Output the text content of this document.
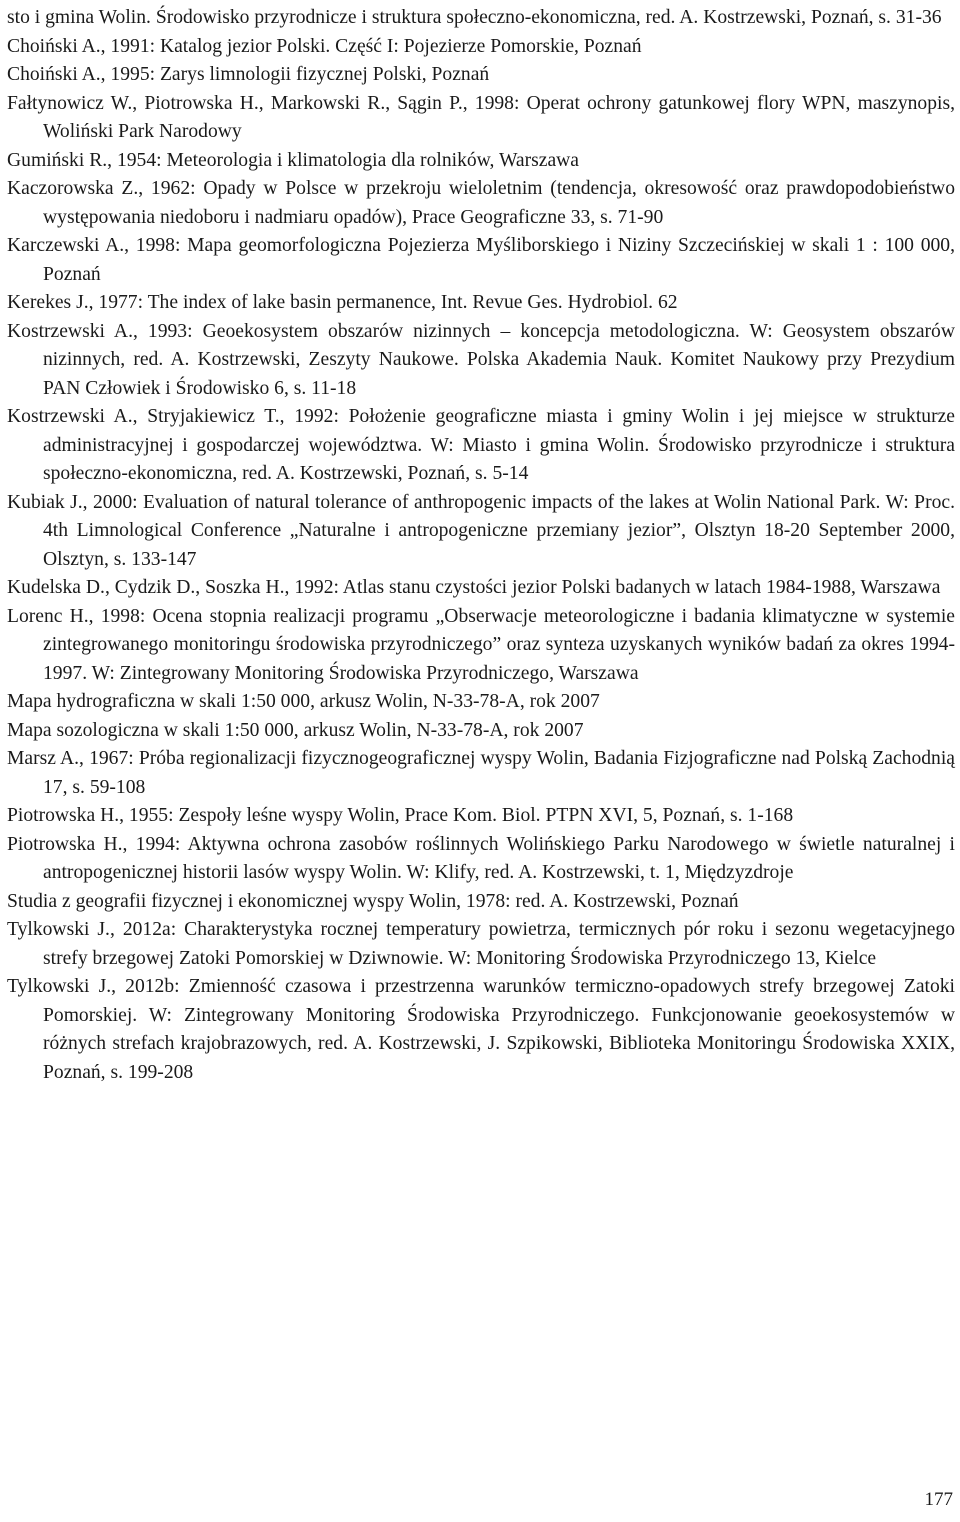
sto i gmina Wolin. Środowisko przyrodnicze i struktura społeczno-ekonomiczna, red. A. Kostrzewski, Poznań, s. 31-36
Choiński A., 1991: Katalog jezior Polski. Część I: Pojezierze Pomorskie, Poznań
Choiński A., 1995: Zarys limnologii fizycznej Polski, Poznań
Fałtynowicz W., Piotrowska H., Markowski R., Sągin P., 1998: Operat ochrony gatunkowej flory WPN, maszynopis, Woliński Park Narodowy
Gumiński R., 1954: Meteorologia i klimatologia dla rolników, Warszawa
Kaczorowska Z., 1962: Opady w Polsce w przekroju wieloletnim (tendencja, okresowość oraz prawdopodobieństwo występowania niedoboru i nadmiaru opadów), Prace Geograficzne 33, s. 71-90
Karczewski A., 1998: Mapa geomorfologiczna Pojezierza Myśliborskiego i Niziny Szczecińskiej w skali 1 : 100 000, Poznań
Kerekes J., 1977: The index of lake basin permanence, Int. Revue Ges. Hydrobiol. 62
Kostrzewski A., 1993: Geoekosystem obszarów nizinnych – koncepcja metodologiczna. W: Geosystem obszarów nizinnych, red. A. Kostrzewski, Zeszyty Naukowe. Polska Akademia Nauk. Komitet Naukowy przy Prezydium PAN Człowiek i Środowisko 6, s. 11-18
Kostrzewski A., Stryjakiewicz T., 1992: Położenie geograficzne miasta i gminy Wolin i jej miejsce w strukturze administracyjnej i gospodarczej województwa. W: Miasto i gmina Wolin. Środowisko przyrodnicze i struktura społeczno-ekonomiczna, red. A. Kostrzewski, Poznań, s. 5-14
Kubiak J., 2000: Evaluation of natural tolerance of anthropogenic impacts of the lakes at Wolin National Park. W: Proc. 4th Limnological Conference „Naturalne i antropogeniczne przemiany jezior”, Olsztyn 18-20 September 2000, Olsztyn, s. 133-147
Kudelska D., Cydzik D., Soszka H., 1992: Atlas stanu czystości jezior Polski badanych w latach 1984-1988, Warszawa
Lorenc H., 1998: Ocena stopnia realizacji programu „Obserwacje meteorologiczne i badania klimatyczne w systemie zintegrowanego monitoringu środowiska przyrodniczego” oraz synteza uzyskanych wyników badań za okres 1994-1997. W: Zintegrowany Monitoring Środowiska Przyrodniczego, Warszawa
Mapa hydrograficzna w skali 1:50 000, arkusz Wolin, N-33-78-A, rok 2007
Mapa sozologiczna w skali 1:50 000, arkusz Wolin, N-33-78-A, rok 2007
Marsz A., 1967: Próba regionalizacji fizycznogeograficznej wyspy Wolin, Badania Fizjograficzne nad Polską Zachodnią 17, s. 59-108
Piotrowska H., 1955: Zespoły leśne wyspy Wolin, Prace Kom. Biol. PTPN XVI, 5, Poznań, s. 1-168
Piotrowska H., 1994: Aktywna ochrona zasobów roślinnych Wolińskiego Parku Narodowego w świetle naturalnej i antropogenicznej historii lasów wyspy Wolin. W: Klify, red. A. Kostrzewski, t. 1, Międzyzdroje
Studia z geografii fizycznej i ekonomicznej wyspy Wolin, 1978: red. A. Kostrzewski, Poznań
Tylkowski J., 2012a: Charakterystyka rocznej temperatury powietrza, termicznych pór roku i sezonu wegetacyjnego strefy brzegowej Zatoki Pomorskiej w Dziwnowie. W: Monitoring Środowiska Przyrodniczego 13, Kielce
Tylkowski J., 2012b: Zmienność czasowa i przestrzenna warunków termiczno-opadowych strefy brzegowej Zatoki Pomorskiej. W: Zintegrowany Monitoring Środowiska Przyrodniczego. Funkcjonowanie geoekosystemów w różnych strefach krajobrazowych, red. A. Kostrzewski, J. Szpikowski, Biblioteka Monitoringu Środowiska XXIX, Poznań, s. 199-208
177
